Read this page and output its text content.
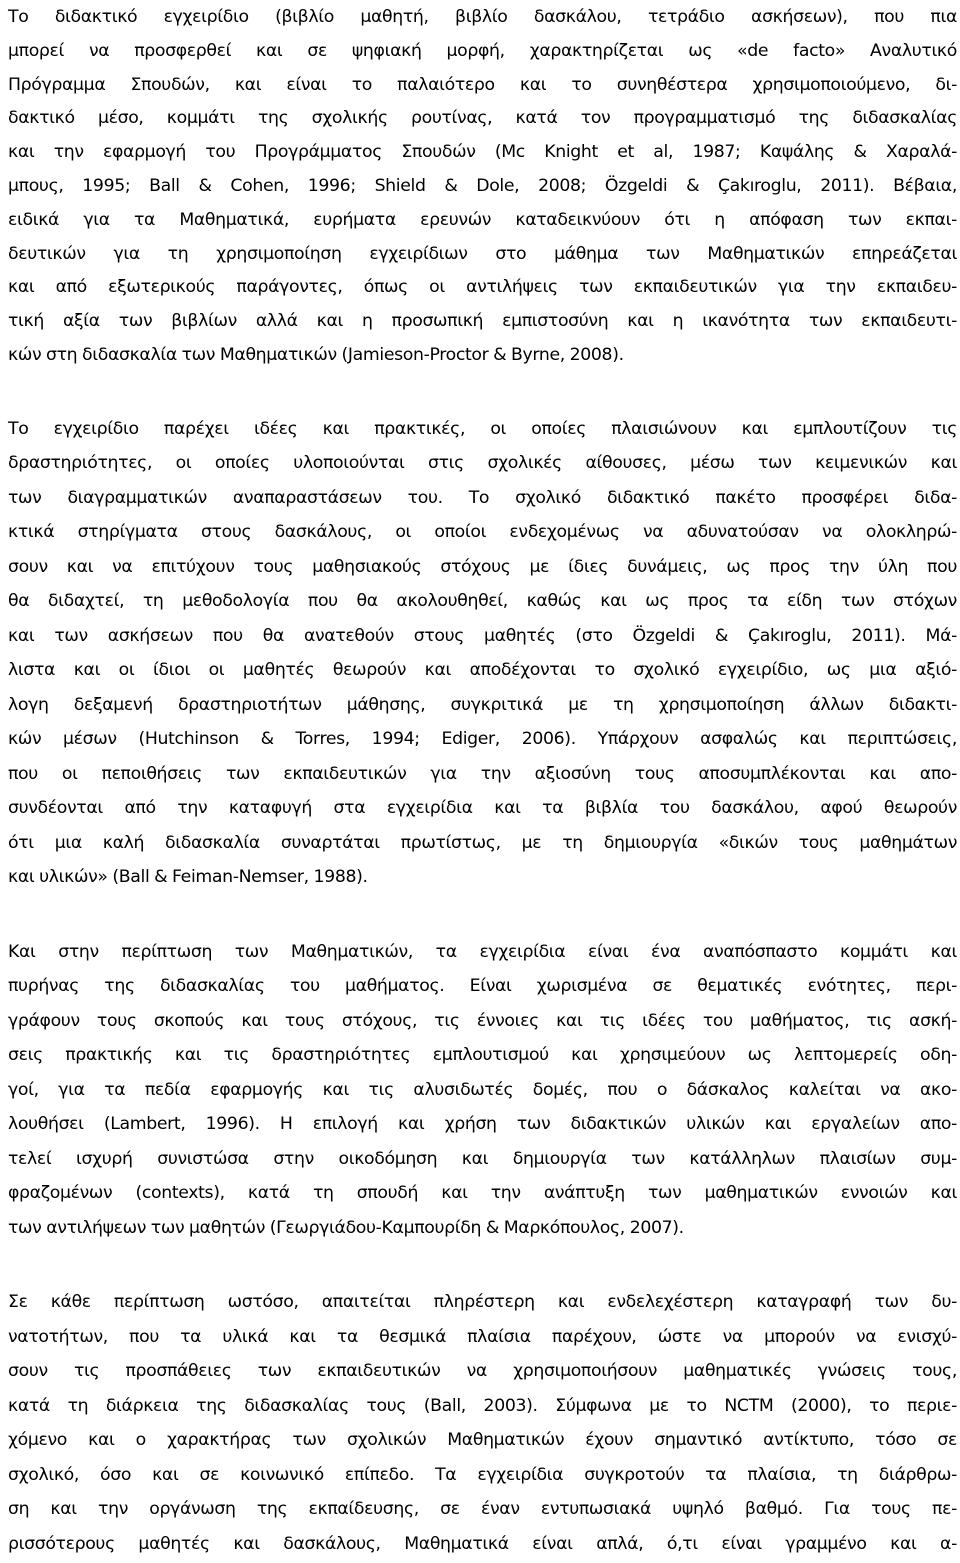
Το διδακτικό εγχειρίδιο (βιβλίο μαθητή, βιβλίο δασκάλου, τετράδιο ασκήσεων), που πια
μπορεί να προσφερθεί και σε ψηφιακή μορφή, χαρακτηρίζεται ως «de facto» Αναλυτικό
Πρόγραμμα Σπουδών, και είναι το παλαιότερο και το συνηθέστερα χρησιμοποιούμενο, δι-
δακτικό μέσο, κομμάτι της σχολικής ρουτίνας, κατά τον προγραμματισμό της διδασκαλίας
και την εφαρμογή του Προγράμματος Σπουδών (Mc Knight et al, 1987; Καψάλης & Χαραλά-
μπους, 1995; Ball & Cohen, 1996; Shield & Dole, 2008; Özgeldi & Çakıroglu, 2011). Βέβαια,
ειδικά για τα Μαθηματικά, ευρήματα ερευνών καταδεικνύουν ότι η απόφαση των εκπαι-
δευτικών για τη χρησιμοποίηση εγχειρίδιων στο μάθημα των Μαθηματικών επηρεάζεται
και από εξωτερικούς παράγοντες, όπως οι αντιλήψεις των εκπαιδευτικών για την εκπαιδευ-
τική αξία των βιβλίων αλλά και η προσωπική εμπιστοσύνη και η ικανότητα των εκπαιδευτι-
κών στη διδασκαλία των Μαθηματικών (Jamieson-Proctor & Byrne, 2008).
Το εγχειρίδιο παρέχει ιδέες και πρακτικές, οι οποίες πλαισιώνουν και εμπλουτίζουν τις
δραστηριότητες, οι οποίες υλοποιούνται στις σχολικές αίθουσες, μέσω των κειμενικών και
των διαγραμματικών αναπαραστάσεων του. Το σχολικό διδακτικό πακέτο προσφέρει διδα-
κτικά στηρίγματα στους δασκάλους, οι οποίοι ενδεχομένως να αδυνατούσαν να ολοκληρώ-
σουν και να επιτύχουν τους μαθησιακούς στόχους με ίδιες δυνάμεις, ως προς την ύλη που
θα διδαχτεί, τη μεθοδολογία που θα ακολουθηθεί, καθώς και ως προς τα είδη των στόχων
και των ασκήσεων που θα ανατεθούν στους μαθητές (στο Özgeldi & Çakıroglu, 2011). Μά-
λιστα και οι ίδιοι οι μαθητές θεωρούν και αποδέχονται το σχολικό εγχειρίδιο, ως μια αξιό-
λογη δεξαμενή δραστηριοτήτων μάθησης, συγκριτικά με τη χρησιμοποίηση άλλων διδακτι-
κών μέσων (Hutchinson & Torres, 1994; Ediger, 2006). Υπάρχουν ασφαλώς και περιπτώσεις,
που οι πεποιθήσεις των εκπαιδευτικών για την αξιοσύνη τους αποσυμπλέκονται και απο-
συνδέονται από την καταφυγή στα εγχειρίδια και τα βιβλία του δασκάλου, αφού θεωρούν
ότι μια καλή διδασκαλία συναρτάται πρωτίστως, με τη δημιουργία «δικών τους μαθημάτων
και υλικών» (Ball & Feiman-Nemser, 1988).
Και στην περίπτωση των Μαθηματικών, τα εγχειρίδια είναι ένα αναπόσπαστο κομμάτι και
πυρήνας της διδασκαλίας του μαθήματος. Είναι χωρισμένα σε θεματικές ενότητες, περι-
γράφουν τους σκοπούς και τους στόχους, τις έννοιες και τις ιδέες του μαθήματος, τις ασκή-
σεις πρακτικής και τις δραστηριότητες εμπλουτισμού και χρησιμεύουν ως λεπτομερείς οδη-
γοί, για τα πεδία εφαρμογής και τις αλυσιδωτές δομές, που ο δάσκαλος καλείται να ακο-
λουθήσει (Lambert, 1996). Η επιλογή και χρήση των διδακτικών υλικών και εργαλείων απο-
τελεί ισχυρή συνιστώσα στην οικοδόμηση και δημιουργία των κατάλληλων πλαισίων συμ-
φραζομένων (contexts), κατά τη σπουδή και την ανάπτυξη των μαθηματικών εννοιών και
των αντιλήψεων των μαθητών (Γεωργιάδου-Καμπουρίδη & Μαρκόπουλος, 2007).
Σε κάθε περίπτωση ωστόσο, απαιτείται πληρέστερη και ενδελεχέστερη καταγραφή των δυ-
νατοτήτων, που τα υλικά και τα θεσμικά πλαίσια παρέχουν, ώστε να μπορούν να ενισχύ-
σουν τις προσπάθειες των εκπαιδευτικών να χρησιμοποιήσουν μαθηματικές γνώσεις τους,
κατά τη διάρκεια της διδασκαλίας τους (Ball, 2003). Σύμφωνα με το NCTM (2000), το περιε-
χόμενο και ο χαρακτήρας των σχολικών Μαθηματικών έχουν σημαντικό αντίκτυπο, τόσο σε
σχολικό, όσο και σε κοινωνικό επίπεδο. Τα εγχειρίδια συγκροτούν τα πλαίσια, τη διάρθρω-
ση και την οργάνωση της εκπαίδευσης, σε έναν εντυπωσιακά υψηλό βαθμό. Για τους πε-
ρισσότερους μαθητές και δασκάλους, Μαθηματικά είναι απλά, ό,τι είναι γραμμένο και α-
